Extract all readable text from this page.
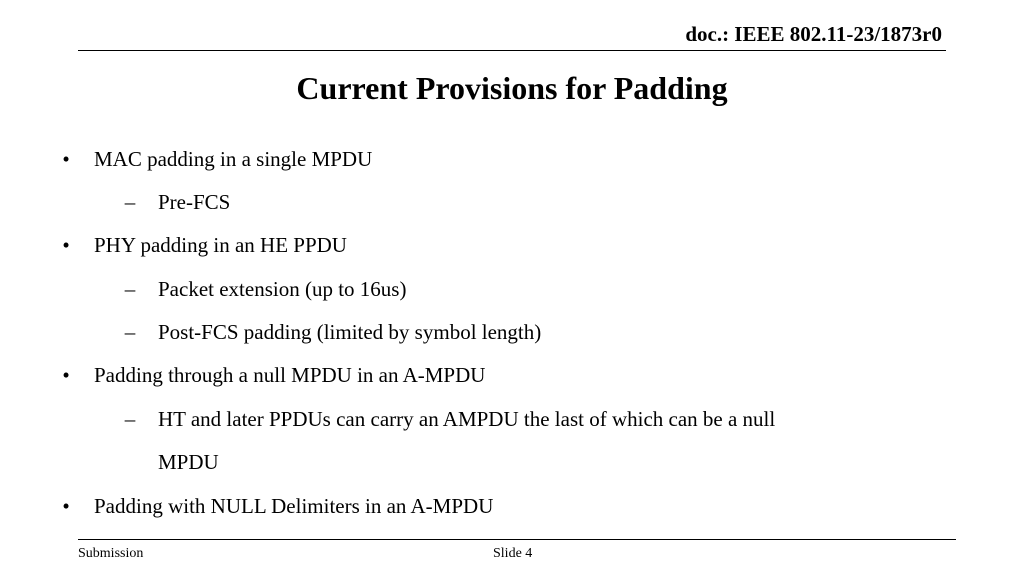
doc.: IEEE 802.11-23/1873r0
Current Provisions for Padding
•	MAC padding in a single MPDU
–	Pre-FCS
•	PHY padding in an HE PPDU
–	Packet extension (up to 16us)
–	Post-FCS padding (limited by symbol length)
•	Padding through a null MPDU in an A-MPDU
–	HT and later PPDUs can carry an AMPDU the last of which can be a null
MPDU
•	Padding with NULL Delimiters in an A-MPDU
Submission	Slide 4
